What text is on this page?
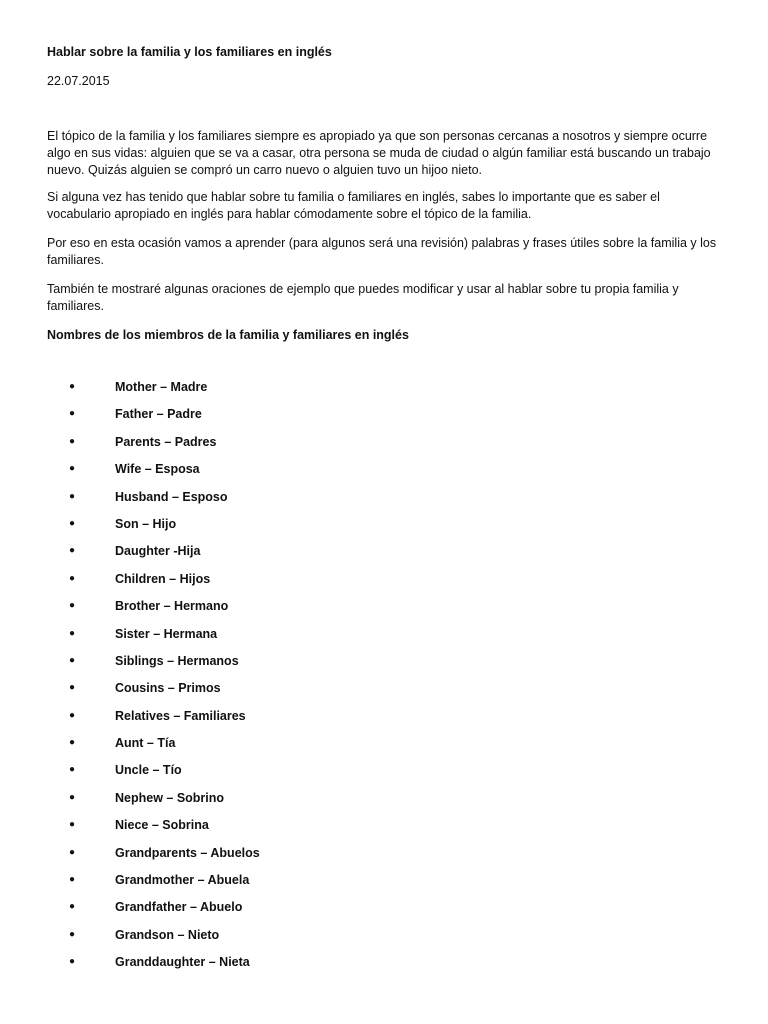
Hablar sobre la familia y los familiares en inglés

22.07.2015

El tópico de la familia y los familiares siempre es apropiado ya que son personas cercanas a nosotros y siempre ocurre algo en sus vidas: alguien que se va a casar, otra persona se muda de ciudad o algún familiar está buscando un trabajo nuevo. Quizás alguien se compró un carro nuevo o alguien tuvo un hijoo nieto.

Si alguna vez has tenido que hablar sobre tu familia o familiares en inglés, sabes lo importante que es saber el vocabulario apropiado en inglés para hablar cómodamente sobre el tópico de la familia.

Por eso en esta ocasión vamos a aprender (para algunos será una revisión) palabras y frases útiles sobre la familia y los familiares.

También te mostraré algunas oraciones de ejemplo que puedes modificar y usar al hablar sobre tu propia familia y familiares.

Nombres de los miembros de la familia y familiares en inglés

●	Mother – Madre
●	Father – Padre
●	Parents – Padres
●	Wife – Esposa
●	Husband – Esposo
●	Son – Hijo
●	Daughter -Hija
●	Children – Hijos
●	Brother – Hermano
●	Sister – Hermana
●	Siblings – Hermanos
●	Cousins – Primos
●	Relatives – Familiares
●	Aunt – Tía
●	Uncle – Tío
●	Nephew – Sobrino
●	Niece – Sobrina
●	Grandparents – Abuelos
●	Grandmother – Abuela
●	Grandfather – Abuelo
●	Grandson – Nieto
●	Granddaughter – Nieta
